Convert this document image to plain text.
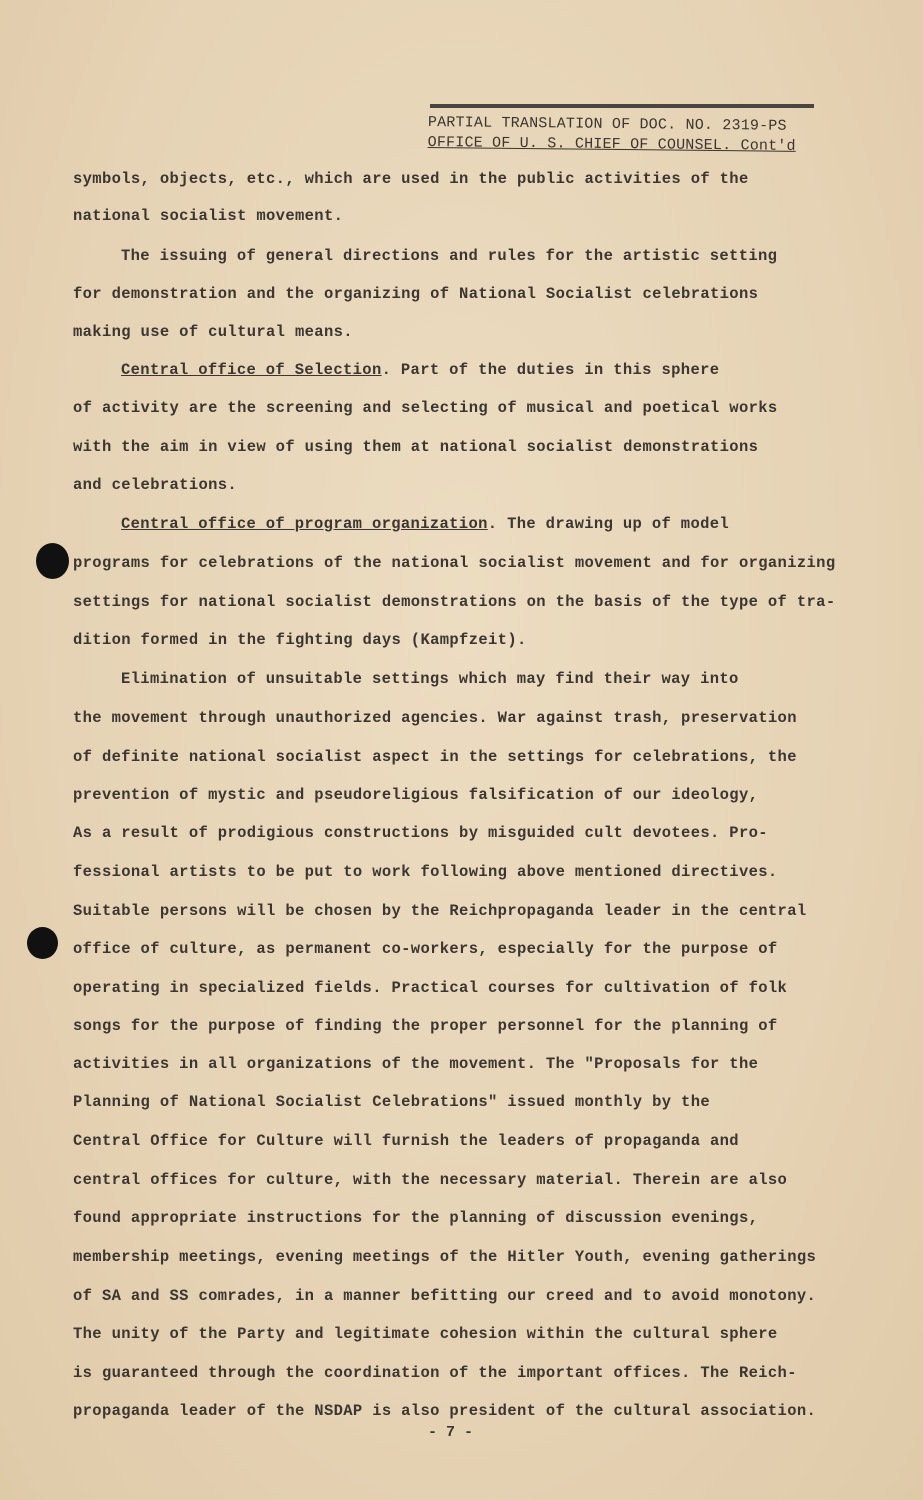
PARTIAL TRANSLATION OF DOC. NO. 2319-PS
OFFICE OF U. S. CHIEF OF COUNSEL. Cont'd
symbols, objects, etc., which are used in the public activities of the
national socialist movement.
The issuing of general directions and rules for the artistic setting
for demonstration and the organizing of National Socialist celebrations
making use of cultural means.
Central office of Selection. Part of the duties in this sphere
of activity are the screening and selecting of musical and poetical works
with the aim in view of using them at national socialist demonstrations
and celebrations.
Central office of program organization. The drawing up of model
programs for celebrations of the national socialist movement and for organizing
settings for national socialist demonstrations on the basis of the type of tra-
dition formed in the fighting days (Kampfzeit).
Elimination of unsuitable settings which may find their way into
the movement through unauthorized agencies. War against trash, preservation
of definite national socialist aspect in the settings for celebrations, the
prevention of mystic and pseudoreligious falsification of our ideology,
As a result of prodigious constructions by misguided cult devotees. Pro-
fessional artists to be put to work following above mentioned directives.
Suitable persons will be chosen by the Reichpropaganda leader in the central
office of culture, as permanent co-workers, especially for the purpose of
operating in specialized fields. Practical courses for cultivation of folk
songs for the purpose of finding the proper personnel for the planning of
activities in all organizations of the movement. The "Proposals for the
Planning of National Socialist Celebrations" issued monthly by the
Central Office for Culture will furnish the leaders of propaganda and
central offices for culture, with the necessary material. Therein are also
found appropriate instructions for the planning of discussion evenings,
membership meetings, evening meetings of the Hitler Youth, evening gatherings
of SA and SS comrades, in a manner befitting our creed and to avoid monotony.
The unity of the Party and legitimate cohesion within the cultural sphere
is guaranteed through the coordination of the important offices. The Reich-
propaganda leader of the NSDAP is also president of the cultural association.
- 7 -
